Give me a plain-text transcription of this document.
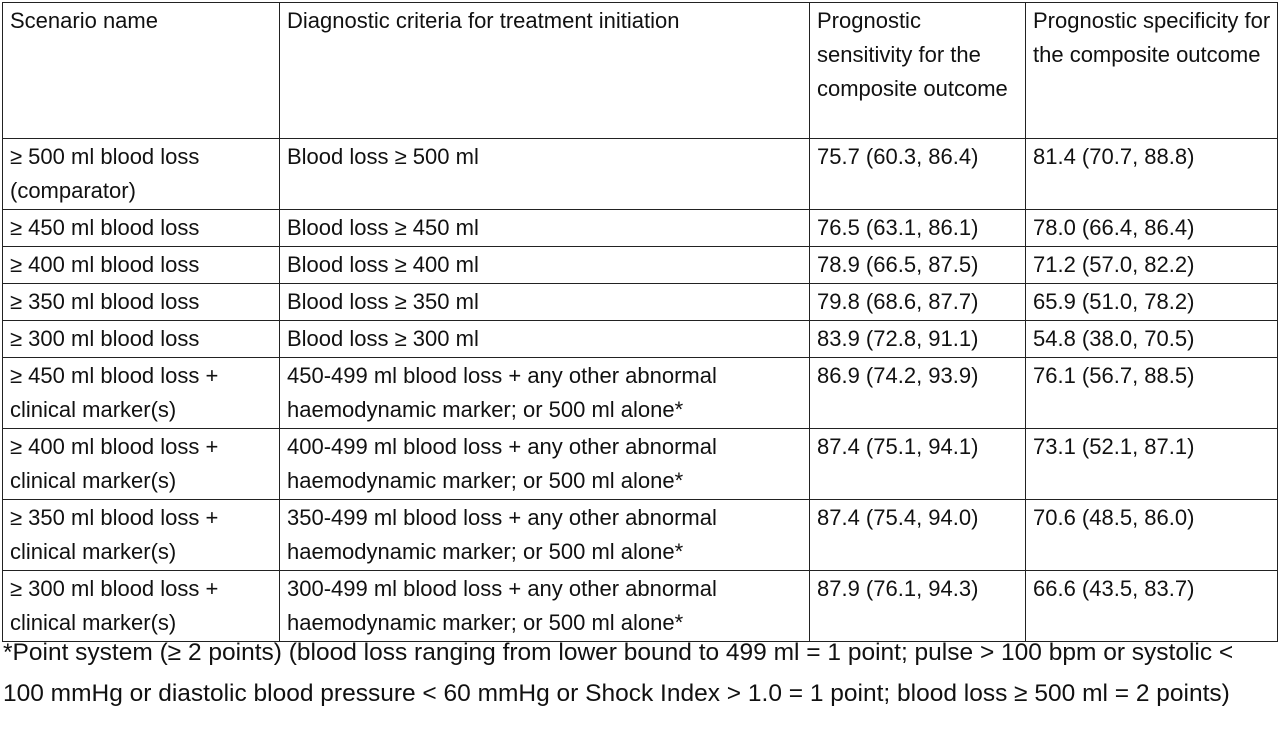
Scenario name	Diagnostic criteria for treatment initiation	Prognostic sensitivity for the composite outcome	Prognostic specificity for the composite outcome
≥ 500 ml blood loss (comparator)	Blood loss ≥ 500 ml	75.7 (60.3, 86.4)	81.4 (70.7, 88.8)
≥ 450 ml blood loss	Blood loss ≥ 450 ml	76.5 (63.1, 86.1)	78.0 (66.4, 86.4)
≥ 400 ml blood loss	Blood loss ≥ 400 ml	78.9 (66.5, 87.5)	71.2 (57.0, 82.2)
≥ 350 ml blood loss	Blood loss ≥ 350 ml	79.8 (68.6, 87.7)	65.9 (51.0, 78.2)
≥ 300 ml blood loss	Blood loss ≥ 300 ml	83.9 (72.8, 91.1)	54.8 (38.0, 70.5)
≥ 450 ml blood loss + clinical marker(s)	450-499 ml blood loss + any other abnormal haemodynamic marker; or 500 ml alone*	86.9 (74.2, 93.9)	76.1 (56.7, 88.5)
≥ 400 ml blood loss + clinical marker(s)	400-499 ml blood loss + any other abnormal haemodynamic marker; or 500 ml alone*	87.4 (75.1, 94.1)	73.1 (52.1, 87.1)
≥ 350 ml blood loss + clinical marker(s)	350-499 ml blood loss + any other abnormal haemodynamic marker; or 500 ml alone*	87.4 (75.4, 94.0)	70.6 (48.5, 86.0)
≥ 300 ml blood loss + clinical marker(s)	300-499 ml blood loss + any other abnormal haemodynamic marker; or 500 ml alone*	87.9 (76.1, 94.3)	66.6 (43.5, 83.7)
*Point system (≥ 2 points) (blood loss ranging from lower bound to 499 ml = 1 point; pulse > 100 bpm or systolic < 100 mmHg or diastolic blood pressure < 60 mmHg or Shock Index > 1.0 = 1 point; blood loss ≥ 500 ml = 2 points)
